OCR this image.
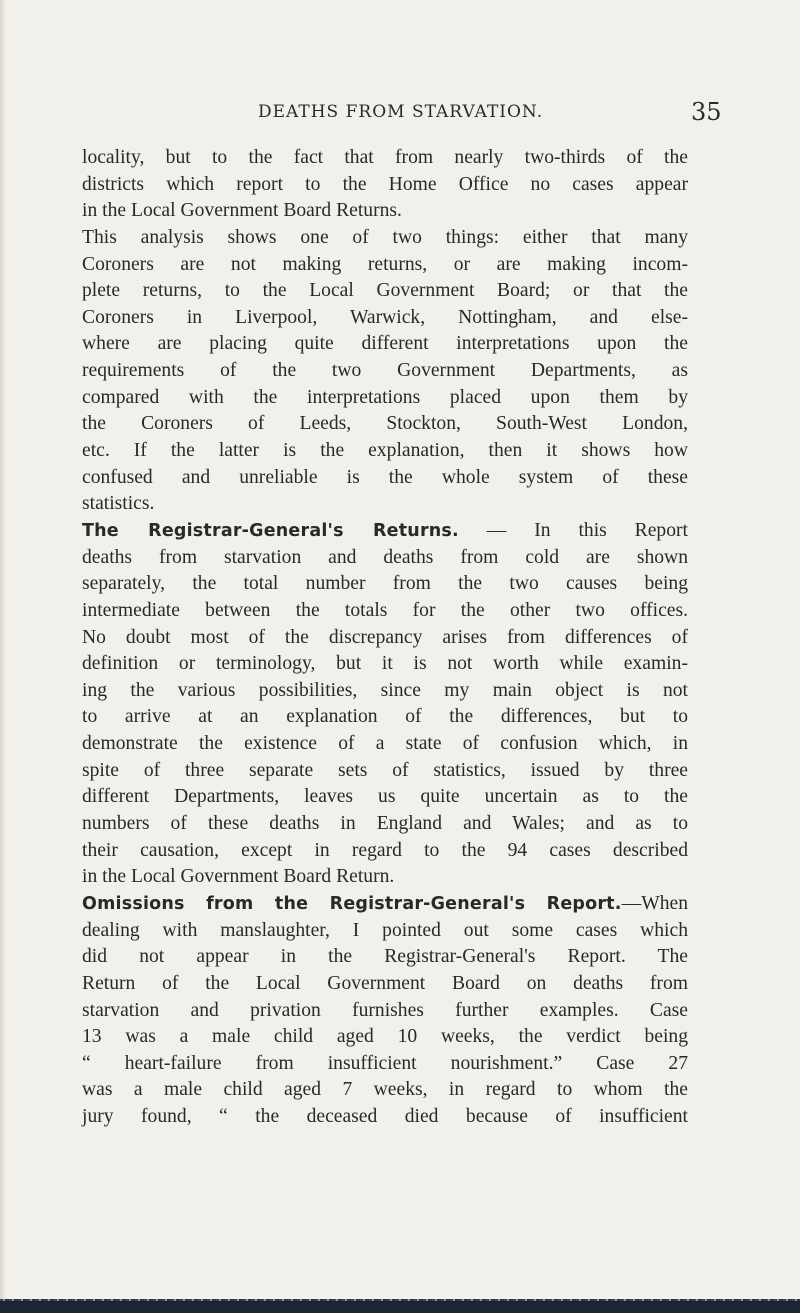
DEATHS FROM STARVATION.	35
locality, but to the fact that from nearly two-thirds of the
districts which report to the Home Office no cases appear
in the Local Government Board Returns.
This analysis shows one of two things: either that many
Coroners are not making returns, or are making incom-
plete returns, to the Local Government Board; or that the
Coroners in Liverpool, Warwick, Nottingham, and else-
where are placing quite different interpretations upon the
requirements of the two Government Departments, as
compared with the interpretations placed upon them by
the Coroners of Leeds, Stockton, South-West London,
etc. If the latter is the explanation, then it shows how
confused and unreliable is the whole system of these
statistics.
The Registrar-General's Returns. — In this Report
deaths from starvation and deaths from cold are shown
separately, the total number from the two causes being
intermediate between the totals for the other two offices.
No doubt most of the discrepancy arises from differences of
definition or terminology, but it is not worth while examin-
ing the various possibilities, since my main object is not
to arrive at an explanation of the differences, but to
demonstrate the existence of a state of confusion which, in
spite of three separate sets of statistics, issued by three
different Departments, leaves us quite uncertain as to the
numbers of these deaths in England and Wales; and as to
their causation, except in regard to the 94 cases described
in the Local Government Board Return.
Omissions from the Registrar-General's Report.—When
dealing with manslaughter, I pointed out some cases which
did not appear in the Registrar-General's Report. The
Return of the Local Government Board on deaths from
starvation and privation furnishes further examples. Case
13 was a male child aged 10 weeks, the verdict being
“ heart-failure from insufficient nourishment.” Case 27
was a male child aged 7 weeks, in regard to whom the
jury found, “ the deceased died because of insufficient
